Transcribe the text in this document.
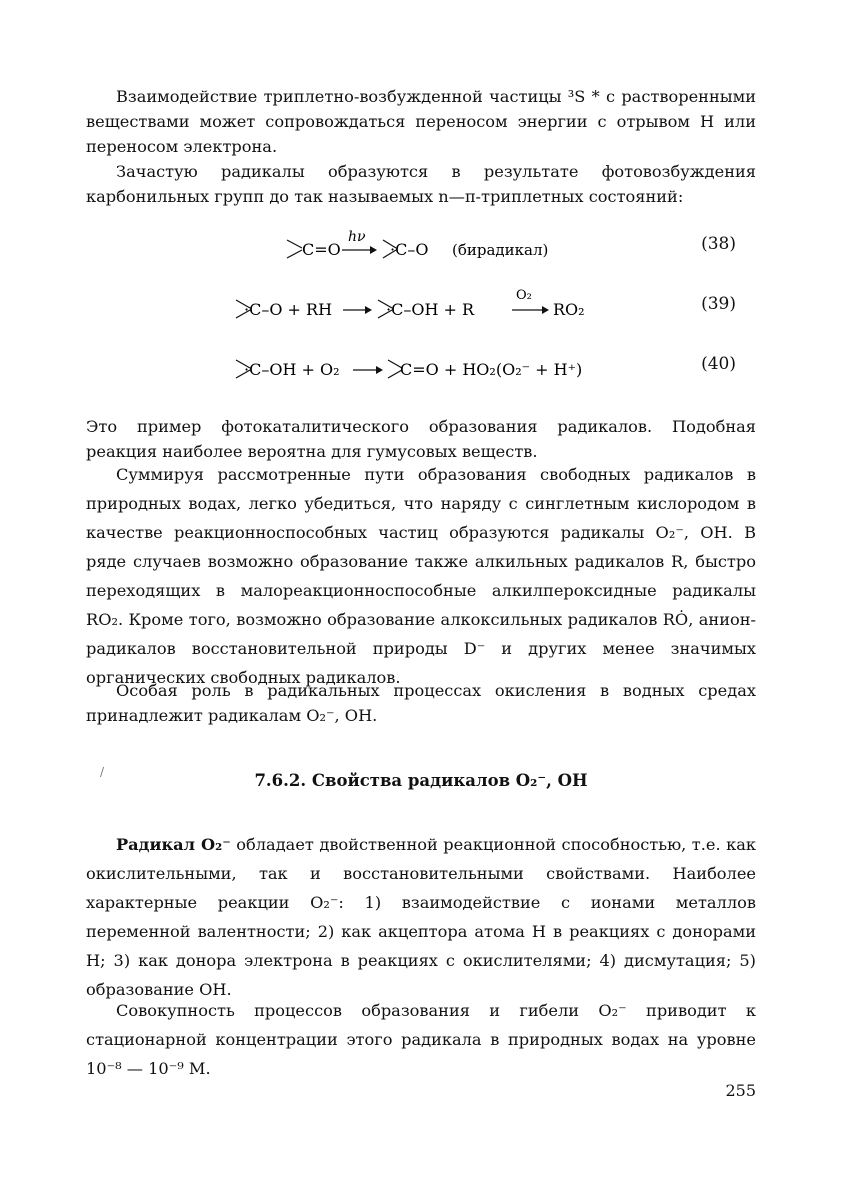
Взаимодействие триплетно-возбужденной частицы ³S * с растворенными веществами может сопровождаться переносом энергии с отрывом Н или переносом электрона.

Зачастую радикалы образуются в результате фотовозбуждения карбонильных групп до так называемых n—π-триплетных состояний:

C=O
hν
·C–O (бирадикал)	(38)
·C–O + RH	·C–OH + R
O₂
RO₂	(39)
·C–OH + O₂	C=O + HO₂(O₂⁻ + H⁺)	(40)

Это пример фотокаталитического образования радикалов. Подобная реакция наиболее вероятна для гумусовых веществ.

Суммируя рассмотренные пути образования свободных радикалов в природных водах, легко убедиться, что наряду с синглетным кислородом в качестве реакционноспособных частиц образуются радикалы O₂⁻, OH. В ряде случаев возможно образование также алкильных радикалов R, быстро переходящих в малореакционноспособные алкилпероксидные радикалы RO₂. Кроме того, возможно образование алкоксильных радикалов RȮ, анион-радикалов восстановительной природы D⁻ и других менее значимых органических свободных радикалов.

Особая роль в радикальных процессах окисления в водных средах принадлежит радикалам O₂⁻, OH.

/	7.6.2. Свойства радикалов O₂⁻, OH

Радикал O₂⁻ обладает двойственной реакционной способностью, т.е. как окислительными, так и восстановительными свойствами. Наиболее характерные реакции O₂⁻: 1) взаимодействие с ионами металлов переменной валентности; 2) как акцептора атома Н в реакциях с донорами Н; 3) как донора электрона в реакциях с окислителями; 4) дисмутация; 5) образование OH.

Совокупность процессов образования и гибели O₂⁻ приводит к стационарной концентрации этого радикала в природных водах на уровне 10⁻⁸ — 10⁻⁹ М.

255
